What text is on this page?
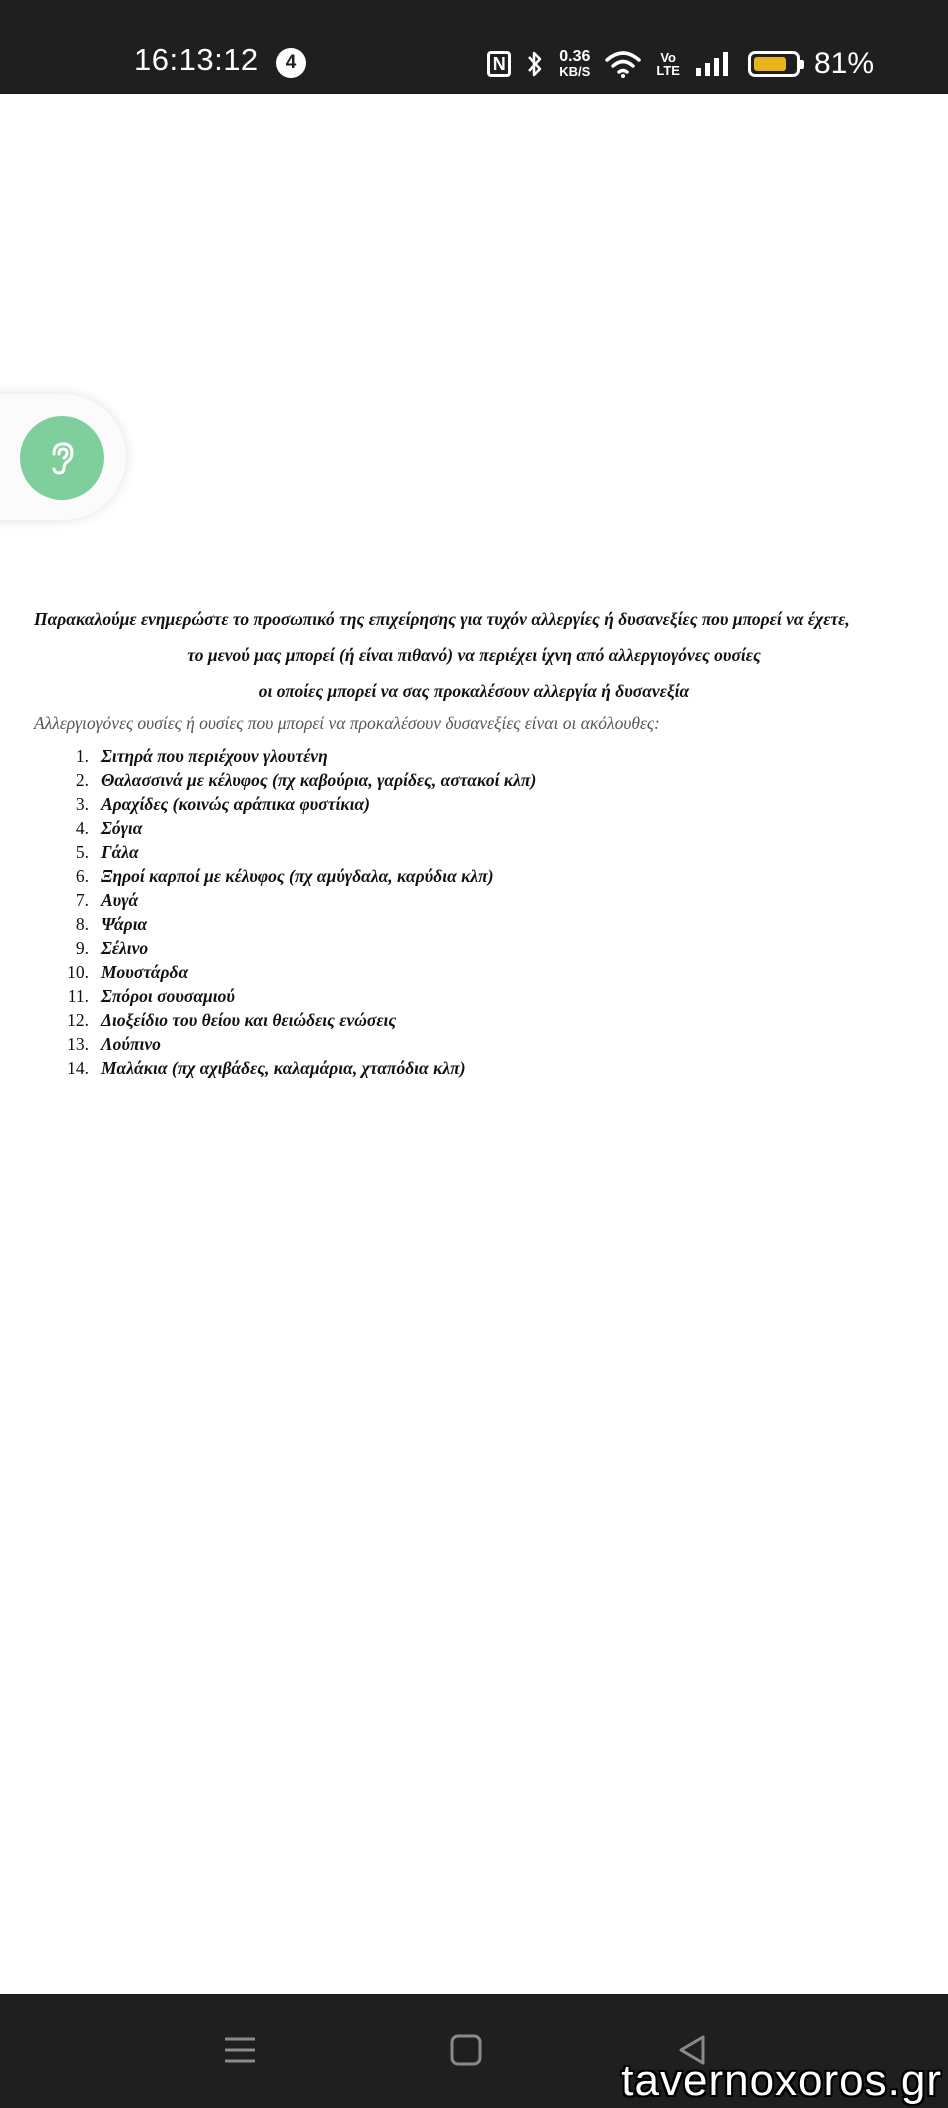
16:13:12	4	N	0.36
KB/S
Vo
LTE	81%

Παρακαλούμε ενημερώστε το προσωπικό της επιχείρησης για τυχόν αλλεργίες ή δυσανεξίες που μπορεί να έχετε,

το μενού μας μπορεί (ή είναι πιθανό) να περιέχει ίχνη από αλλεργιογόνες ουσίες

οι οποίες μπορεί να σας προκαλέσουν αλλεργία ή δυσανεξία

Αλλεργιογόνες ουσίες ή ουσίες που μπορεί να προκαλέσουν δυσανεξίες είναι οι ακόλουθες:

1. Σιτηρά που περιέχουν γλουτένη
2. Θαλασσινά με κέλυφος (πχ καβούρια, γαρίδες, αστακοί κλπ)
3. Αραχίδες (κοινώς αράπικα φυστίκια)
4. Σόγια
5. Γάλα
6. Ξηροί καρποί με κέλυφος (πχ αμύγδαλα, καρύδια κλπ)
7. Αυγά
8. Ψάρια
9. Σέλινο
10. Μουστάρδα
11. Σπόροι σουσαμιού
12. Διοξείδιο του θείου και θειώδεις ενώσεις
13. Λούπινο
14. Μαλάκια (πχ αχιβάδες, καλαμάρια, χταπόδια κλπ)
tavernoxoros.gr
